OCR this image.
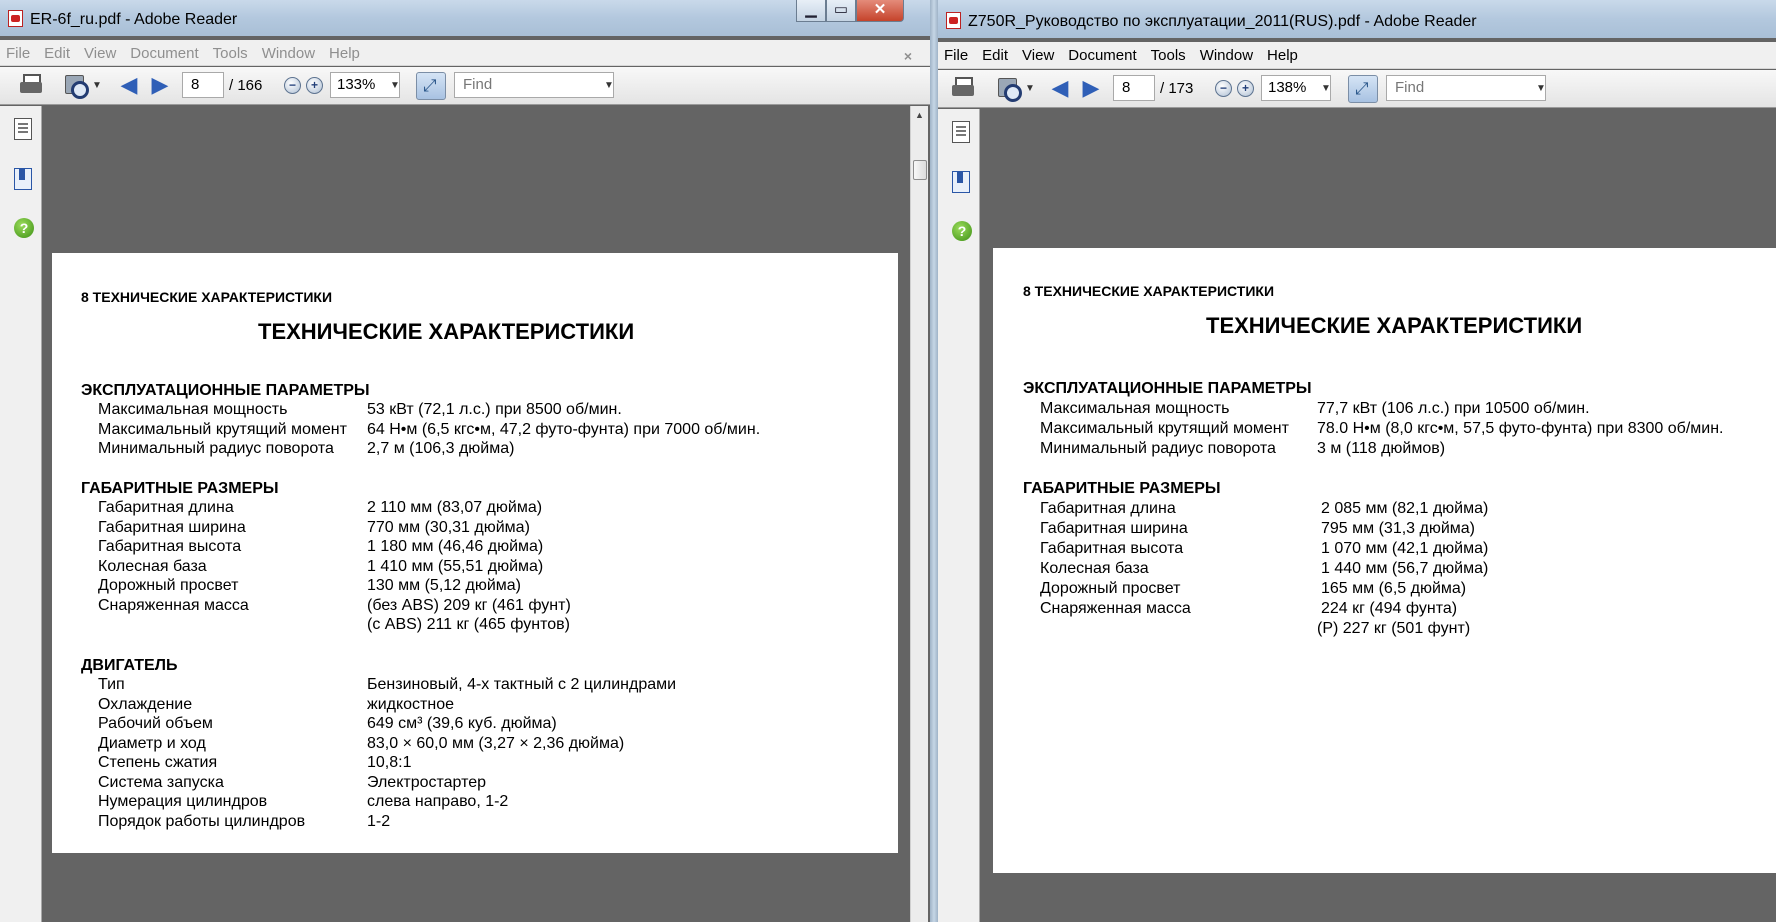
ER-6f_ru.pdf - Adobe Reader
▁	▭	✕
File Edit View Document Tools Window Help	×
▼ ◀ ▶	8	/ 166	−	+	133%	▼ ⤢	Find	▼
?
8 ТЕХНИЧЕСКИЕ ХАРАКТЕРИСТИКИ
ТЕХНИЧЕСКИЕ ХАРАКТЕРИСТИКИ
ЭКСПЛУАТАЦИОННЫЕ ПАРАМЕТРЫ
Максимальная мощность	53 кВт (72,1 л.с.) при 8500 об/мин.
Максимальный крутящий момент 64 Н•м (6,5 кгс•м, 47,2 футо-фунта) при 7000 об/мин.
Минимальный радиус поворота 2,7 м (106,3 дюйма)
ГАБАРИТНЫЕ РАЗМЕРЫ
Габаритная длина	2 110 мм (83,07 дюйма)
Габаритная ширина	770 мм (30,31 дюйма)
Габаритная высота	1 180 мм (46,46 дюйма)
Колесная база	1 410 мм (55,51 дюйма)
Дорожный просвет	130 мм (5,12 дюйма)
Снаряженная масса	(без ABS) 209 кг (461 фунт)
(с ABS) 211 кг (465 фунтов)
ДВИГАТЕЛЬ
Тип	Бензиновый, 4-х тактный с 2 цилиндрами
Охлаждение	жидкостное
Рабочий объем	649 см³ (39,6 куб. дюйма)
Диаметр и ход	83,0 × 60,0 мм (3,27 × 2,36 дюйма)
Степень сжатия	10,8:1
Система запуска	Электростартер
Нумерация цилиндров	слева направо, 1-2
Порядок работы цилиндров	1-2
▲
Z750R_Руководство по эксплуатации_2011(RUS).pdf - Adobe Reader
File Edit View Document Tools Window Help
▼ ◀ ▶	8	/ 173	−	+	138%	▼ ⤢	Find	▼
?
8 ТЕХНИЧЕСКИЕ ХАРАКТЕРИСТИКИ
ТЕХНИЧЕСКИЕ ХАРАКТЕРИСТИКИ
ЭКСПЛУАТАЦИОННЫЕ ПАРАМЕТРЫ
Максимальная мощность	77,7 кВт (106 л.с.) при 10500 об/мин.
Максимальный крутящий момент 78.0 Н•м (8,0 кгс•м, 57,5 футо-фунта) при 8300 об/мин.
Минимальный радиус поворота	3 м (118 дюймов)
ГАБАРИТНЫЕ РАЗМЕРЫ
Габаритная длина	2 085 мм (82,1 дюйма)
Габаритная ширина	795 мм (31,3 дюйма)
Габаритная высота	1 070 мм (42,1 дюйма)
Колесная база	1 440 мм (56,7 дюйма)
Дорожный просвет	165 мм (6,5 дюйма)
Снаряженная масса	224 кг (494 фунта)
(Р) 227 кг (501 фунт)
